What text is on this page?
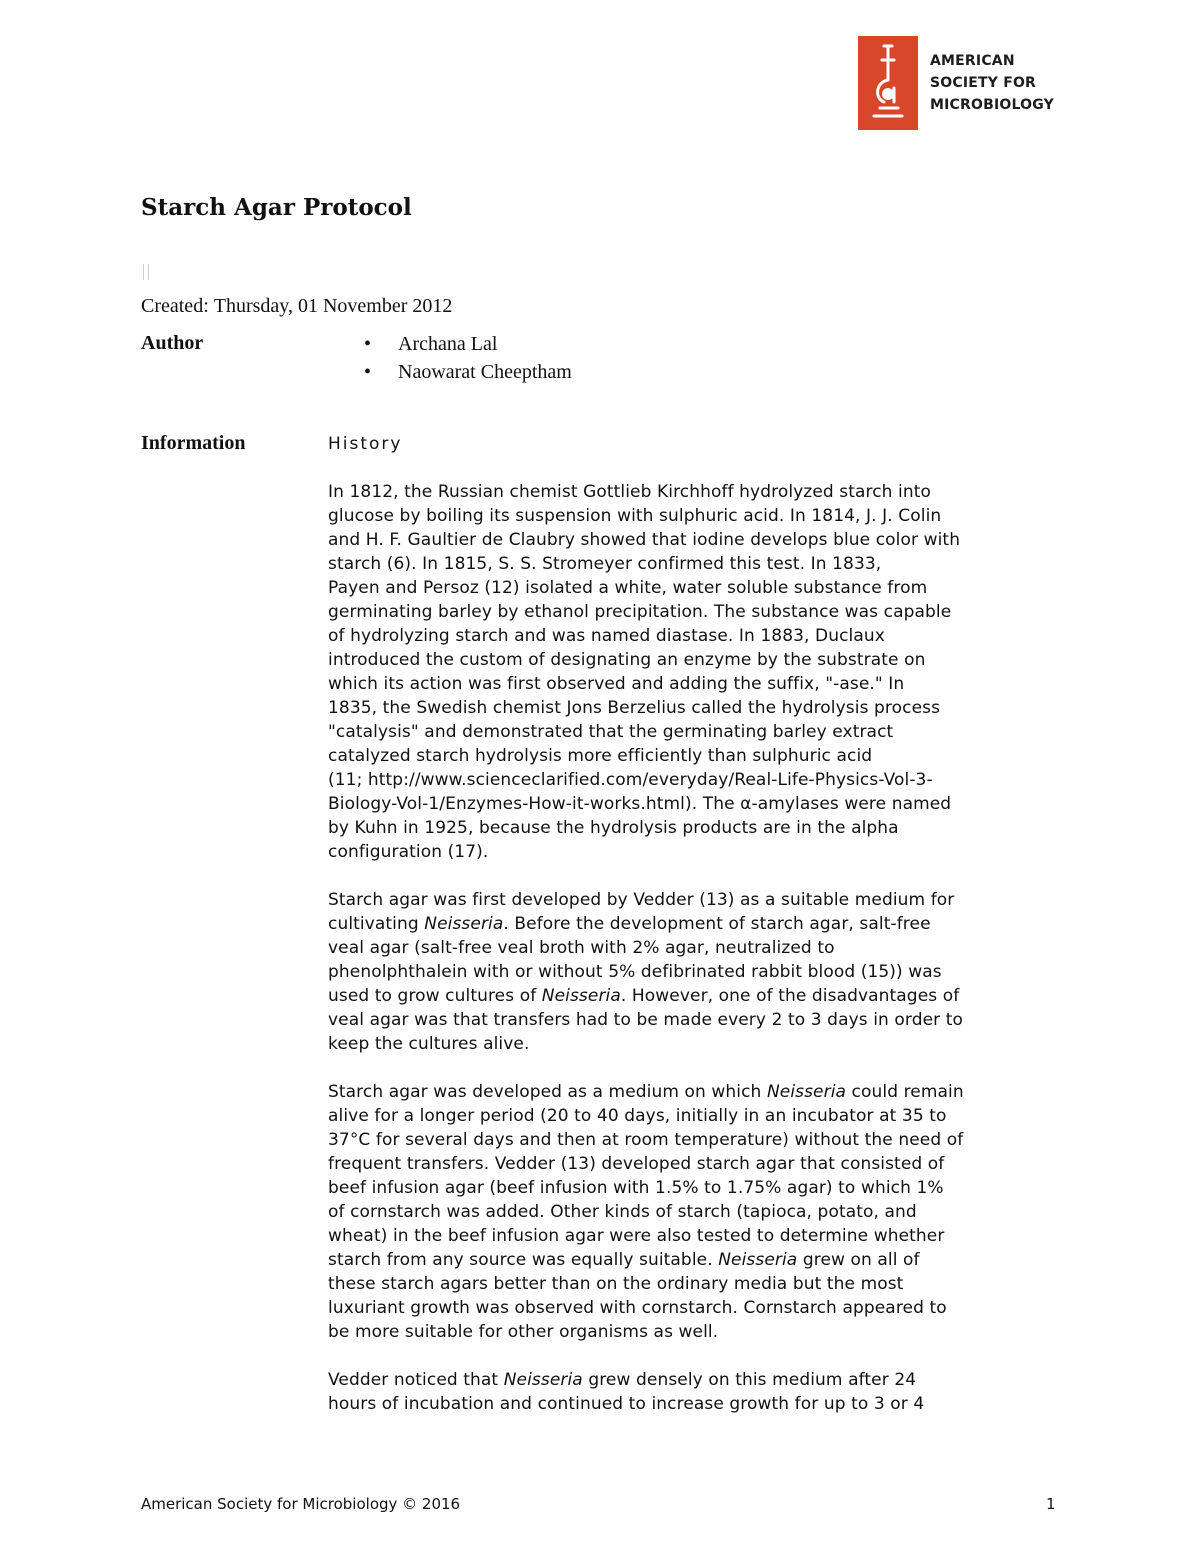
AMERICAN
SOCIETY FOR
MICROBIOLOGY
Starch Agar Protocol
Created: Thursday, 01 November 2012
Author	• Archana Lal
• Naowarat Cheeptham
Information	History
In 1812, the Russian chemist Gottlieb Kirchhoff hydrolyzed starch into
glucose by boiling its suspension with sulphuric acid. In 1814, J. J. Colin
and H. F. Gaultier de Claubry showed that iodine develops blue color with
starch (6). In 1815, S. S. Stromeyer confirmed this test. In 1833,
Payen and Persoz (12) isolated a white, water soluble substance from
germinating barley by ethanol precipitation. The substance was capable
of hydrolyzing starch and was named diastase. In 1883, Duclaux
introduced the custom of designating an enzyme by the substrate on
which its action was first observed and adding the suffix, "-ase." In
1835, the Swedish chemist Jons Berzelius called the hydrolysis process
"catalysis" and demonstrated that the germinating barley extract
catalyzed starch hydrolysis more efficiently than sulphuric acid
(11; http://www.scienceclarified.com/everyday/Real-Life-Physics-Vol-3-
Biology-Vol-1/Enzymes-How-it-works.html). The α-amylases were named
by Kuhn in 1925, because the hydrolysis products are in the alpha
configuration (17).
Starch agar was first developed by Vedder (13) as a suitable medium for
cultivating Neisseria. Before the development of starch agar, salt-free
veal agar (salt-free veal broth with 2% agar, neutralized to
phenolphthalein with or without 5% defibrinated rabbit blood (15)) was
used to grow cultures of Neisseria. However, one of the disadvantages of
veal agar was that transfers had to be made every 2 to 3 days in order to
keep the cultures alive.
Starch agar was developed as a medium on which Neisseria could remain
alive for a longer period (20 to 40 days, initially in an incubator at 35 to
37°C for several days and then at room temperature) without the need of
frequent transfers. Vedder (13) developed starch agar that consisted of
beef infusion agar (beef infusion with 1.5% to 1.75% agar) to which 1%
of cornstarch was added. Other kinds of starch (tapioca, potato, and
wheat) in the beef infusion agar were also tested to determine whether
starch from any source was equally suitable. Neisseria grew on all of
these starch agars better than on the ordinary media but the most
luxuriant growth was observed with cornstarch. Cornstarch appeared to
be more suitable for other organisms as well.
Vedder noticed that Neisseria grew densely on this medium after 24
hours of incubation and continued to increase growth for up to 3 or 4
American Society for Microbiology © 2016	1
